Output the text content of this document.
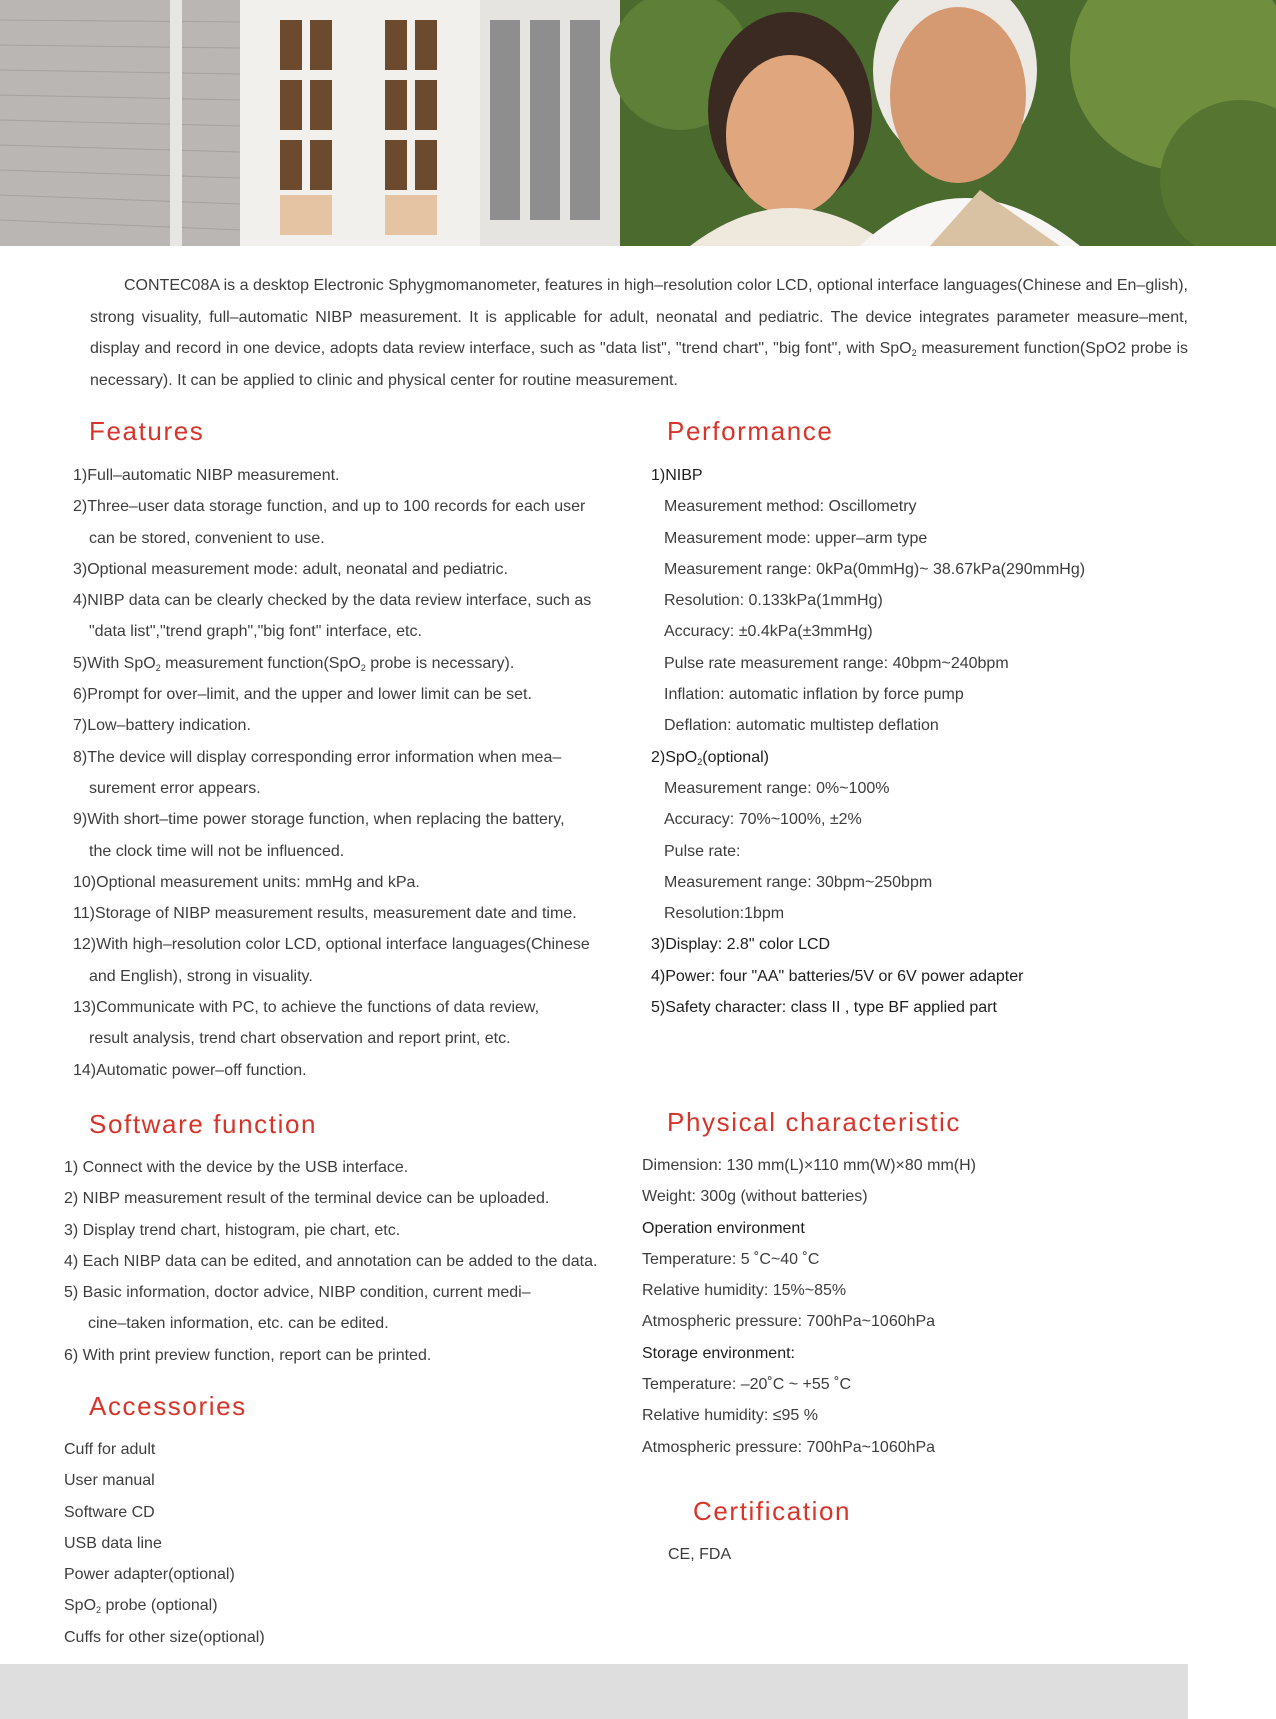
CONTEC08A is a desktop Electronic Sphygmomanometer, features in high–resolution color LCD, optional interface languages(Chinese and En–glish), strong visuality, full–automatic NIBP measurement. It is applicable for adult, neonatal and pediatric. The device integrates parameter measure–ment, display and record in one device, adopts data review interface, such as "data list", "trend chart", "big font", with SpO$_2$ measurement function(SpO2 probe is necessary). It can be applied to clinic and physical center for routine measurement.

Features
1)Full–automatic NIBP measurement.
2)Three–user data storage function, and up to 100 records for each user
can be stored, convenient to use.
3)Optional measurement mode: adult, neonatal and pediatric.
4)NIBP data can be clearly checked by the data review interface, such as
"data list","trend graph","big font" interface, etc.
5)With SpO$_2$ measurement function(SpO$_2$ probe is necessary).
6)Prompt for over–limit, and the upper and lower limit can be set.
7)Low–battery indication.
8)The device will display corresponding error information when mea–
surement error appears.
9)With short–time power storage function, when replacing the battery,
the clock time will not be influenced.
10)Optional measurement units: mmHg and kPa.
11)Storage of NIBP measurement results, measurement date and time.
12)With high–resolution color LCD, optional interface languages(Chinese
and English), strong in visuality.
13)Communicate with PC, to achieve the functions of data review,
result analysis, trend chart observation and report print, etc.
14)Automatic power–off function.
Performance
1)NIBP
Measurement method: Oscillometry
Measurement mode: upper–arm type
Measurement range: 0kPa(0mmHg)~ 38.67kPa(290mmHg)
Resolution: 0.133kPa(1mmHg)
Accuracy: ±0.4kPa(±3mmHg)
Pulse rate measurement range: 40bpm~240bpm
Inflation: automatic inflation by force pump
Deflation: automatic multistep deflation
2)SpO$_2$(optional)
Measurement range: 0%~100%
Accuracy: 70%~100%, ±2%
Pulse rate:
Measurement range: 30bpm~250bpm
Resolution:1bpm
3)Display: 2.8" color LCD
4)Power: four "AA" batteries/5V or 6V power adapter
5)Safety character: class II , type BF applied part
Software function
1) Connect with the device by the USB interface.
2) NIBP measurement result of the terminal device can be uploaded.
3) Display trend chart, histogram, pie chart, etc.
4) Each NIBP data can be edited, and annotation can be added to the data.
5) Basic information, doctor advice, NIBP condition, current medi–
cine–taken information, etc. can be edited.
6) With print preview function, report can be printed.
Accessories
Cuff for adult
User manual
Software CD
USB data line
Power adapter(optional)
SpO$_2$ probe (optional)
Cuffs for other size(optional)
Physical characteristic
Dimension: 130 mm(L)×110 mm(W)×80 mm(H)
Weight: 300g (without batteries)
Operation environment
Temperature: 5 ˚C~40 ˚C
Relative humidity: 15%~85%
Atmospheric pressure: 700hPa~1060hPa
Storage environment:
Temperature: –20˚C ~ +55 ˚C
Relative humidity: ≤95 %
Atmospheric pressure: 700hPa~1060hPa
Certification
CE, FDA
